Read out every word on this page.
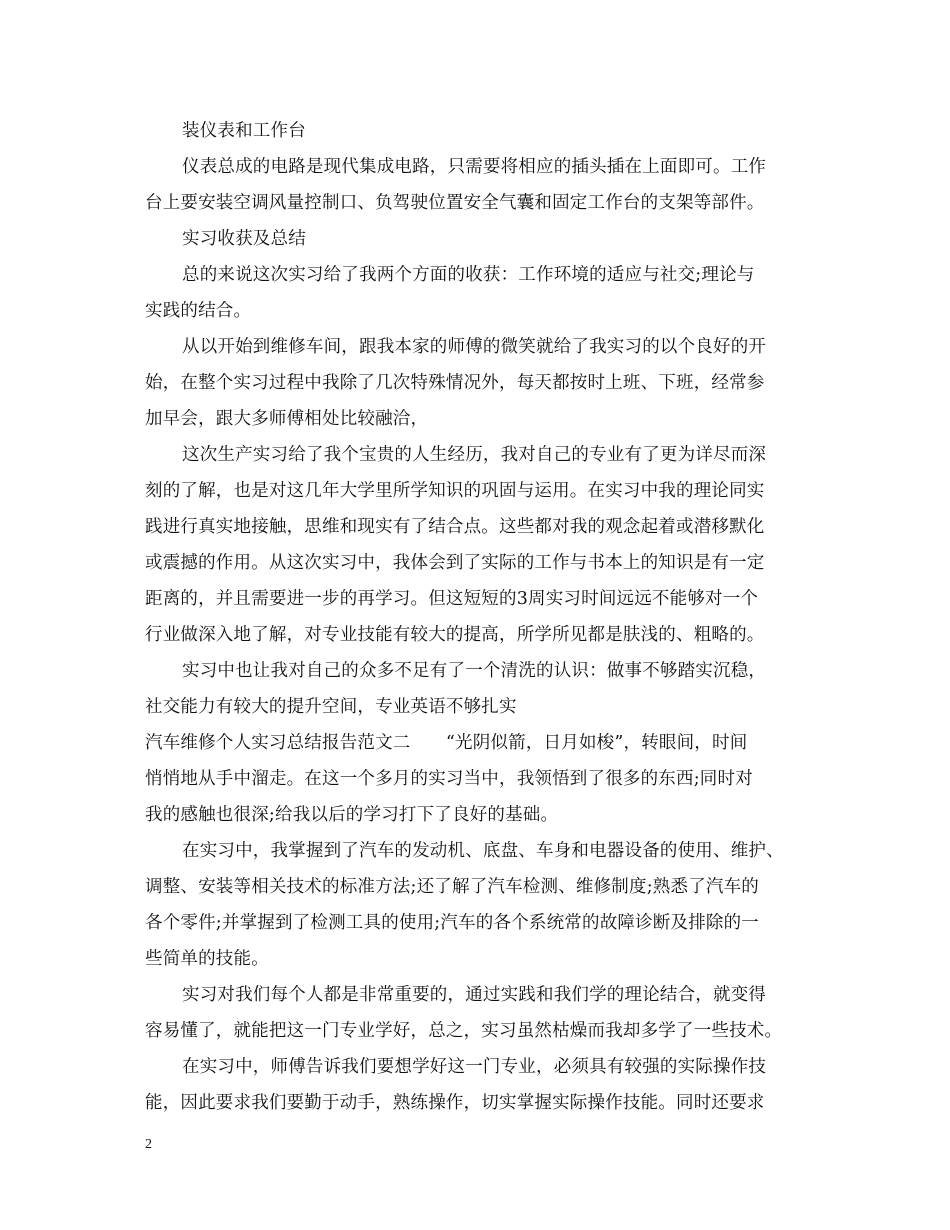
装仪表和工作台
仪表总成的电路是现代集成电路，只需要将相应的插头插在上面即可。工作
台上要安装空调风量控制口、负驾驶位置安全气囊和固定工作台的支架等部件。
实习收获及总结
总的来说这次实习给了我两个方面的收获：工作环境的适应与社交;理论与
实践的结合。
从以开始到维修车间，跟我本家的师傅的微笑就给了我实习的以个良好的开
始，在整个实习过程中我除了几次特殊情况外，每天都按时上班、下班，经常参
加早会，跟大多师傅相处比较融洽，
这次生产实习给了我个宝贵的人生经历，我对自己的专业有了更为详尽而深
刻的了解，也是对这几年大学里所学知识的巩固与运用。在实习中我的理论同实
践进行真实地接触，思维和现实有了结合点。这些都对我的观念起着或潜移默化
或震撼的作用。从这次实习中，我体会到了实际的工作与书本上的知识是有一定
距离的，并且需要进一步的再学习。但这短短的3周实习时间远远不能够对一个
行业做深入地了解，对专业技能有较大的提高，所学所见都是肤浅的、粗略的。
实习中也让我对自己的众多不足有了一个清洗的认识：做事不够踏实沉稳，
社交能力有较大的提升空间，专业英语不够扎实
汽车维修个人实习总结报告范文二　　“光阴似箭，日月如梭”，转眼间，时间
悄悄地从手中溜走。在这一个多月的实习当中，我领悟到了很多的东西;同时对
我的感触也很深;给我以后的学习打下了良好的基础。
在实习中，我掌握到了汽车的发动机、底盘、车身和电器设备的使用、维护、
调整、安装等相关技术的标准方法;还了解了汽车检测、维修制度;熟悉了汽车的
各个零件;并掌握到了检测工具的使用;汽车的各个系统常的故障诊断及排除的一
些简单的技能。
实习对我们每个人都是非常重要的，通过实践和我们学的理论结合，就变得
容易懂了，就能把这一门专业学好，总之，实习虽然枯燥而我却多学了一些技术。
在实习中，师傅告诉我们要想学好这一门专业，必须具有较强的实际操作技
能，因此要求我们要勤于动手，熟练操作，切实掌握实际操作技能。同时还要求
2
